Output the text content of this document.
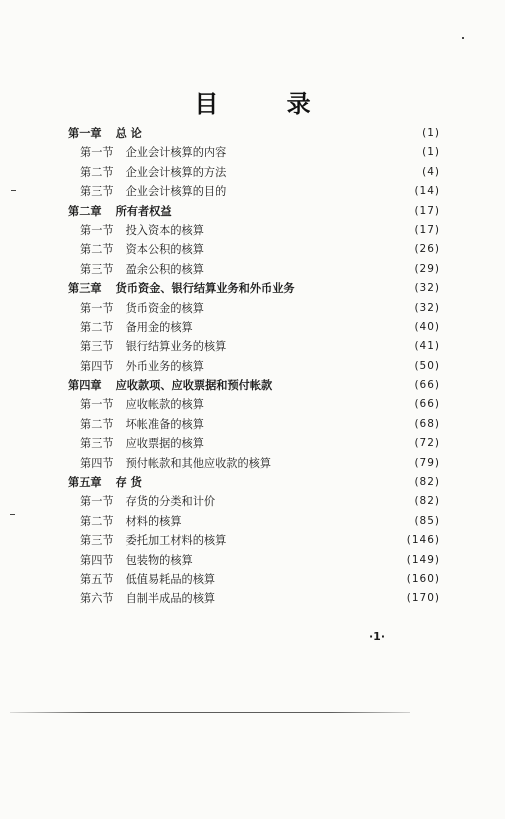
目 录
第一章 总 论	(1)
第一节 企业会计核算的内容	(1)
第二节 企业会计核算的方法	(4)
第三节 企业会计核算的目的	(14)
第二章 所有者权益	(17)
第一节 投入资本的核算	(17)
第二节 资本公积的核算	(26)
第三节 盈余公积的核算	(29)
第三章 货币资金、银行结算业务和外币业务	(32)
第一节 货币资金的核算	(32)
第二节 备用金的核算	(40)
第三节 银行结算业务的核算	(41)
第四节 外币业务的核算	(50)
第四章 应收款项、应收票据和预付帐款	(66)
第一节 应收帐款的核算	(66)
第二节 坏帐准备的核算	(68)
第三节 应收票据的核算	(72)
第四节 预付帐款和其他应收款的核算	(79)
第五章 存 货	(82)
第一节 存货的分类和计价	(82)
第二节 材料的核算	(85)
第三节 委托加工材料的核算	(146)
第四节 包装物的核算	(149)
第五节 低值易耗品的核算	(160)
第六节 自制半成品的核算	(170)
·1·
